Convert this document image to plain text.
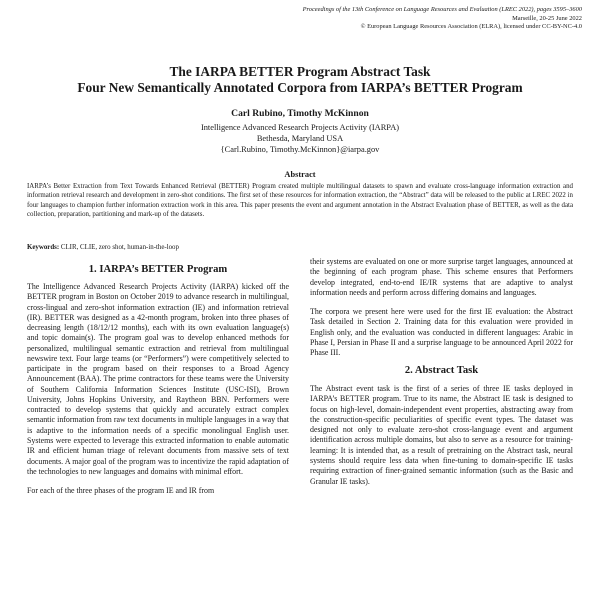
Proceedings of the 13th Conference on Language Resources and Evaluation (LREC 2022), pages 3595–3600
Marseille, 20-25 June 2022
© European Language Resources Association (ELRA), licensed under CC-BY-NC-4.0
The IARPA BETTER Program Abstract Task
Four New Semantically Annotated Corpora from IARPA’s BETTER Program
Carl Rubino, Timothy McKinnon
Intelligence Advanced Research Projects Activity (IARPA)
Bethesda, Maryland USA
{Carl.Rubino, Timothy.McKinnon}@iarpa.gov
Abstract
IARPA’s Better Extraction from Text Towards Enhanced Retrieval (BETTER) Program created multiple multilingual datasets to spawn and evaluate cross-language information extraction and information retrieval research and development in zero-shot conditions. The first set of these resources for information extraction, the “Abstract” data will be released to the public at LREC 2022 in four languages to champion further information extraction work in this area. This paper presents the event and argument annotation in the Abstract Evaluation phase of BETTER, as well as the data collection, preparation, partitioning and mark-up of the datasets.
Keywords: CLIR, CLIE, zero shot, human-in-the-loop
1. IARPA’s BETTER Program

The Intelligence Advanced Research Projects Activity (IARPA) kicked off the BETTER program in Boston on October 2019 to advance research in multilingual, cross-lingual and zero-shot information extraction (IE) and information retrieval (IR). BETTER was designed as a 42-month program, broken into three phases of decreasing length (18/12/12 months), each with its own evaluation language(s) and topic domain(s). The program goal was to develop enhanced methods for personalized, multilingual semantic extraction and retrieval from multilingual newswire text. Four large teams (or “Performers”) were competitively selected to participate in the program based on their responses to a Broad Agency Announcement (BAA). The prime contractors for these teams were the University of Southern California Information Sciences Institute (USC-ISI), Brown University, Johns Hopkins University, and Raytheon BBN. Performers were contracted to develop systems that quickly and accurately extract complex semantic information from raw text documents in multiple languages in a way that is adaptive to the information needs of a specific monolingual English user. Systems were expected to leverage this extracted information to enable automatic IR and efficient human triage of relevant documents from massive sets of text documents. A major goal of the program was to incentivize the rapid adaptation of the technologies to new languages and domains with minimal effort.

For each of the three phases of the program IE and IR from

their systems are evaluated on one or more surprise target languages, announced at the beginning of each program phase. This scheme ensures that Performers develop integrated, end-to-end IE/IR systems that are adaptive to analyst information needs and perform across differing domains and languages.

The corpora we present here were used for the first IE evaluation: the Abstract Task detailed in Section 2. Training data for this evaluation were provided in English only, and the evaluation was conducted in different languages: Arabic in Phase I, Persian in Phase II and a surprise language to be announced April 2022 for Phase III.

2. Abstract Task

The Abstract event task is the first of a series of three IE tasks deployed in IARPA’s BETTER program. True to its name, the Abstract IE task is designed to focus on high-level, domain-independent event properties, abstracting away from the construction-specific peculiarities of specific event types. The dataset was designed not only to evaluate zero-shot cross-language event and argument identification across multiple domains, but also to serve as a resource for training-learning: It is intended that, as a result of pretraining on the Abstract task, neural systems should require less data when fine-tuning to domain-specific IE tasks requiring extraction of finer-grained semantic information (such as the Basic and Granular IE tasks).
